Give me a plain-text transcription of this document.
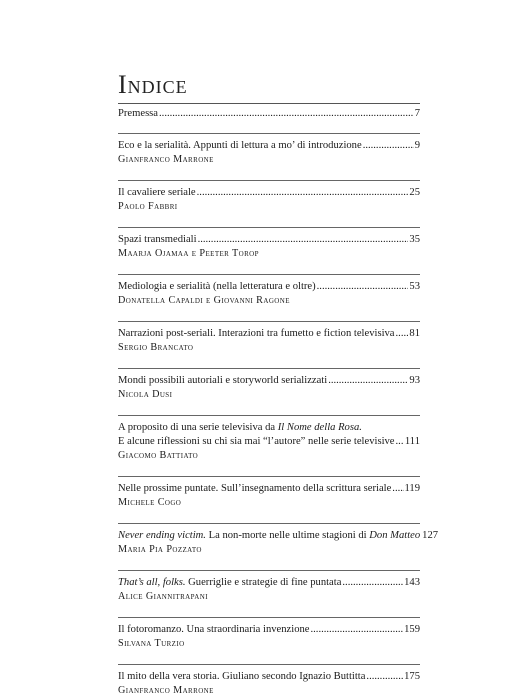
Indice
Premessa .....	7
Eco e la serialità. Appunti di lettura a mo’ di introduzione .....	9
Gianfranco Marrone
Il cavaliere seriale .....	25
Paolo Fabbri
Spazi transmediali .....	35
Maarja Ojamaa e Peeter Torop
Mediologia e serialità (nella letteratura e oltre) .....	53
Donatella Capaldi e Giovanni Ragone
Narrazioni post-seriali. Interazioni tra fumetto e fiction televisiva ..... 81
Sergio Brancato
Mondi possibili autoriali e storyworld serializzati .....	93
Nicola Dusi
A proposito di una serie televisiva da Il Nome della Rosa.
E alcune riflessioni su chi sia mai “l’autore” nelle serie televisive ..... 111
Giacomo Battiato
Nelle prossime puntate. Sull’insegnamento della scrittura seriale ..... 119
Michele Cogo
Never ending victim. La non-morte nelle ultime stagioni di Don Matteo 127
Maria Pia Pozzato
That’s all, folks. Guerriglie e strategie di fine puntata .....	143
Alice Giannitrapani
Il fotoromanzo. Una straordinaria invenzione .....	159
Silvana Turzio
Il mito della vera storia. Giuliano secondo Ignazio Buttitta .....	175
Gianfranco Marrone
